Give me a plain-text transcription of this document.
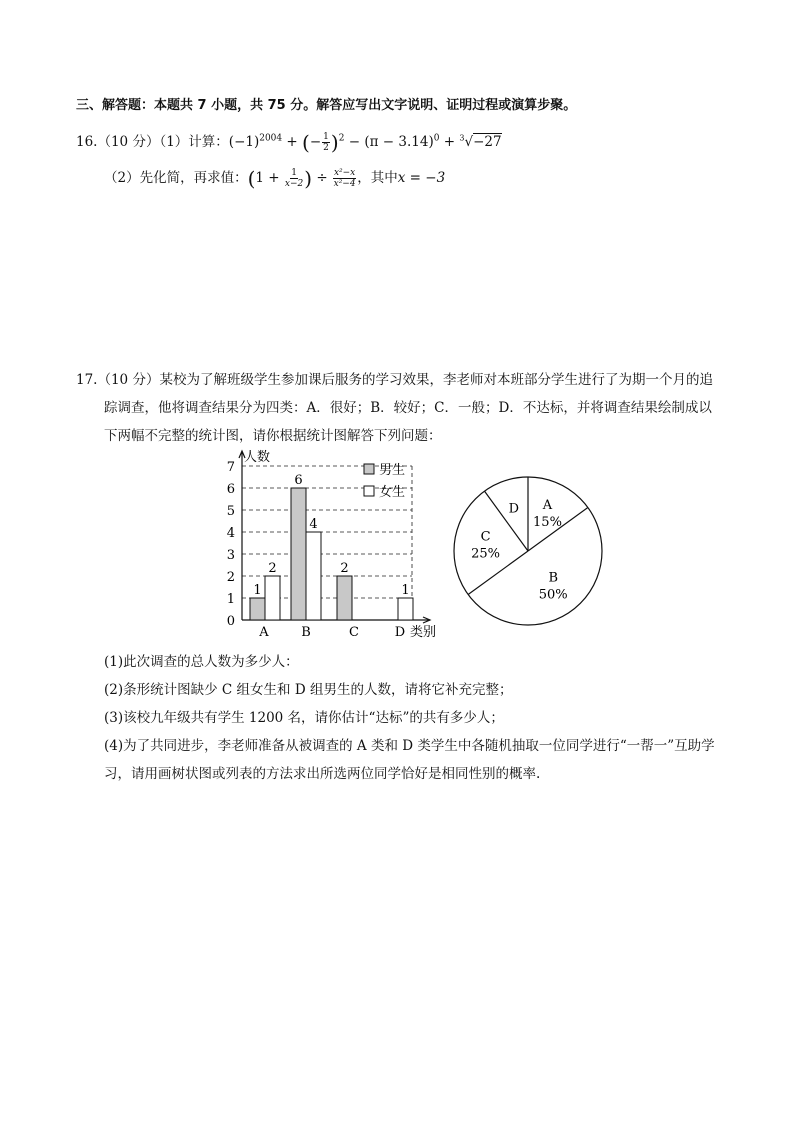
三、解答题：本题共 7 小题，共 75 分。解答应写出文字说明、证明过程或演算步聚。
16.（10 分）（1）计算：$(-1)^{2004}$ + (− $\frac{1}{2} )^2 - (\pi - 3.14)^0 + ^3√-27$
（2）先化简，再求值：($1 + \frac{1}{x-2}$ ) ÷ $\frac{\text{x²−x}}{\text{x²−4}}$ ，其中x = −3
17.（10 分）某校为了解班级学生参加课后服务的学习效果，李老师对本班部分学生进行了为期一个月的追
踪调查，他将调查结果分为四类：A．很好；B．较好；C．一般；D．不达标，并将调查结果绘制成以
下两幅不完整的统计图，请你根据统计图解答下列问题：
0
1
2
3
4
5
6
7
人数
1
2
6
4
2
1
A	B	C	D 类别
男生
女生
A
15%
B
50%
C
25%
D
(1)此次调查的总人数为多少人：
(2)条形统计图缺少 C 组女生和 D 组男生的人数，请将它补充完整；
(3)该校九年级共有学生 1200 名，请你估计“达标”的共有多少人；
(4)为了共同进步，李老师准备从被调查的 A 类和 D 类学生中各随机抽取一位同学进行“一帮一”互助学
习，请用画树状图或列表的方法求出所选两位同学恰好是相同性别的概率.
